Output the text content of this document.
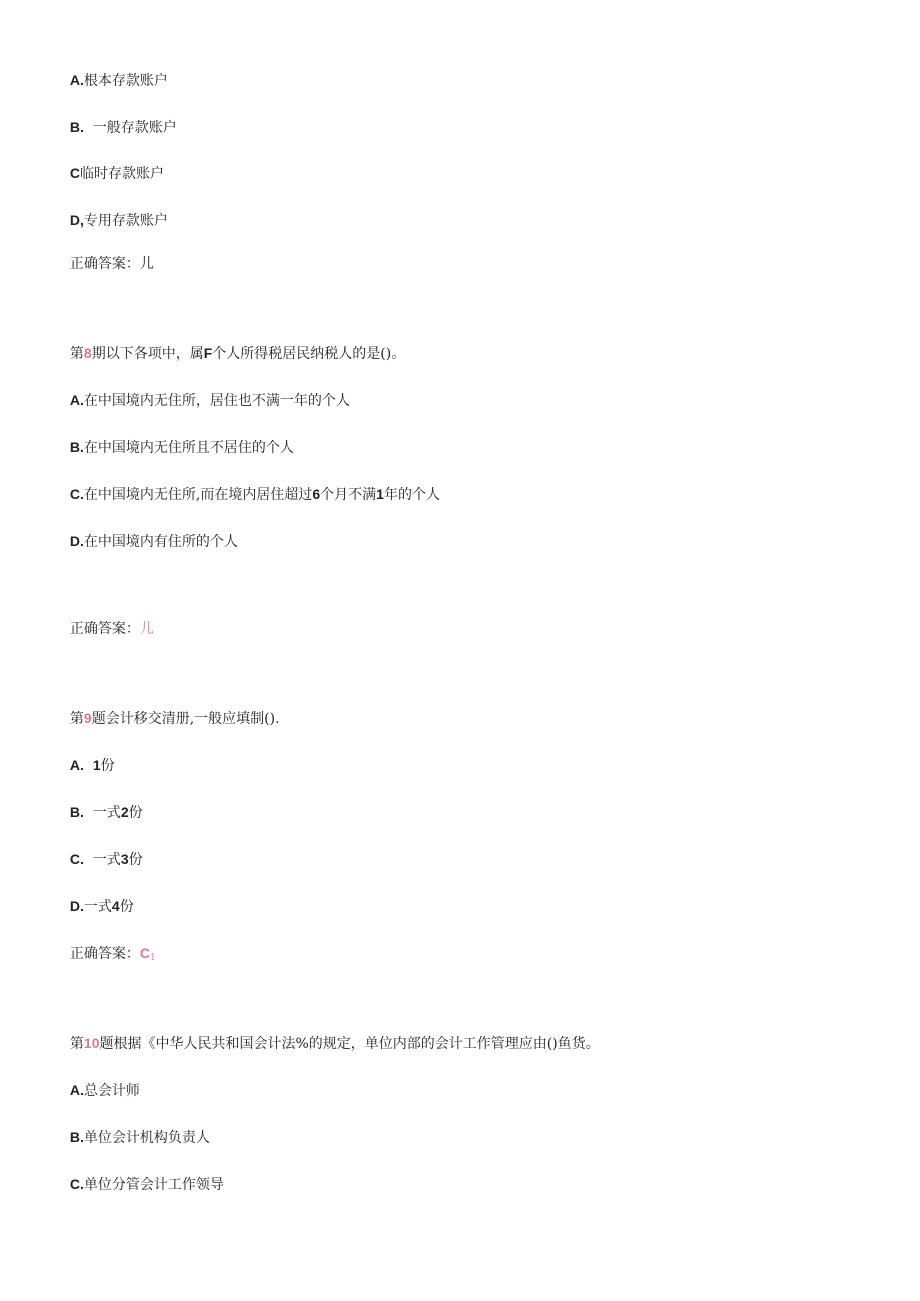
A.根本存款账户

B.  一般存款账户

C临时存款账户

D,专用存款账户

正确答案：儿

第8期以下各项中，属F个人所得税居民纳税人的是()。

A.在中国境内无住所，居住也不满一年的个人

B.在中国境内无住所且不居住的个人

C.在中国境内无住所,而在境内居住超过6个月不满1年的个人

D.在中国境内有住所的个人

正确答案：儿

第9题会计移交清册,一般应填制().

A. 1份

B.  一式2份

C.  一式3份

D.一式4份

正确答案：$C_1$

第10题根据《中华人民共和国会计法%的规定，单位内部的会计工作管理应由()鱼货。

A.总会计师

B.单位会计机构负责人

C.单位分管会计工作领导
